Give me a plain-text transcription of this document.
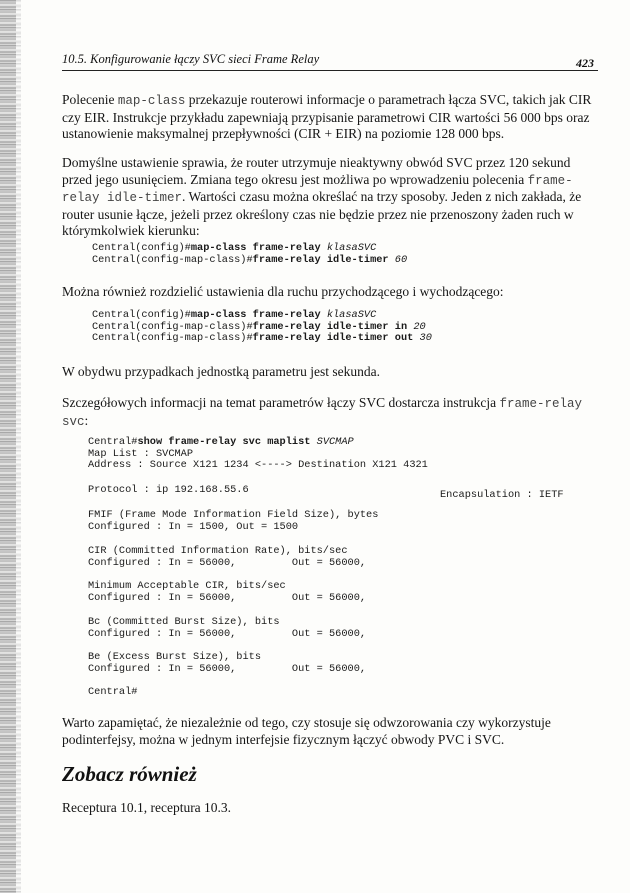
10.5. Konfigurowanie łączy SVC sieci Frame Relay	423

Polecenie map-class przekazuje routerowi informacje o parametrach łącza SVC, takich jak CIR czy EIR. Instrukcje przykładu zapewniają przypisanie parametrowi CIR wartości 56 000 bps oraz ustanowienie maksymalnej przepływności (CIR + EIR) na poziomie 128 000 bps.

Domyślne ustawienie sprawia, że router utrzymuje nieaktywny obwód SVC przez 120 sekund przed jego usunięciem. Zmiana tego okresu jest możliwa po wprowadzeniu polecenia frame-relay idle-timer. Wartości czasu można określać na trzy sposoby. Jeden z nich zakłada, że router usunie łącze, jeżeli przez określony czas nie będzie przez nie przenoszony żaden ruch w którymkolwiek kierunku:

Central(config)#map-class frame-relay klasaSVC
Central(config-map-class)#frame-relay idle-timer 60

Można również rozdzielić ustawienia dla ruchu przychodzącego i wychodzącego:

Central(config)#map-class frame-relay klasaSVC
Central(config-map-class)#frame-relay idle-timer in 20
Central(config-map-class)#frame-relay idle-timer out 30

W obydwu przypadkach jednostką parametru jest sekunda.

Szczegółowych informacji na temat parametrów łączy SVC dostarcza instrukcja frame-relay svc:

Central#show frame-relay svc maplist SVCMAP
Map List : SVCMAP
Address : Source X121 1234 <----> Destination X121 4321
Protocol : ip 192.168.55.6	Encapsulation : IETF
FMIF (Frame Mode Information Field Size), bytes
Configured : In = 1500, Out = 1500
CIR (Committed Information Rate), bits/sec
Configured : In = 56000,         Out = 56000,
Minimum Acceptable CIR, bits/sec
Configured : In = 56000,         Out = 56000,
Bc (Committed Burst Size), bits
Configured : In = 56000,         Out = 56000,
Be (Excess Burst Size), bits
Configured : In = 56000,         Out = 56000,
Central#

Warto zapamiętać, że niezależnie od tego, czy stosuje się odwzorowania czy wykorzystuje podinterfejsy, można w jednym interfejsie fizycznym łączyć obwody PVC i SVC.

Zobacz również

Receptura 10.1, receptura 10.3.
